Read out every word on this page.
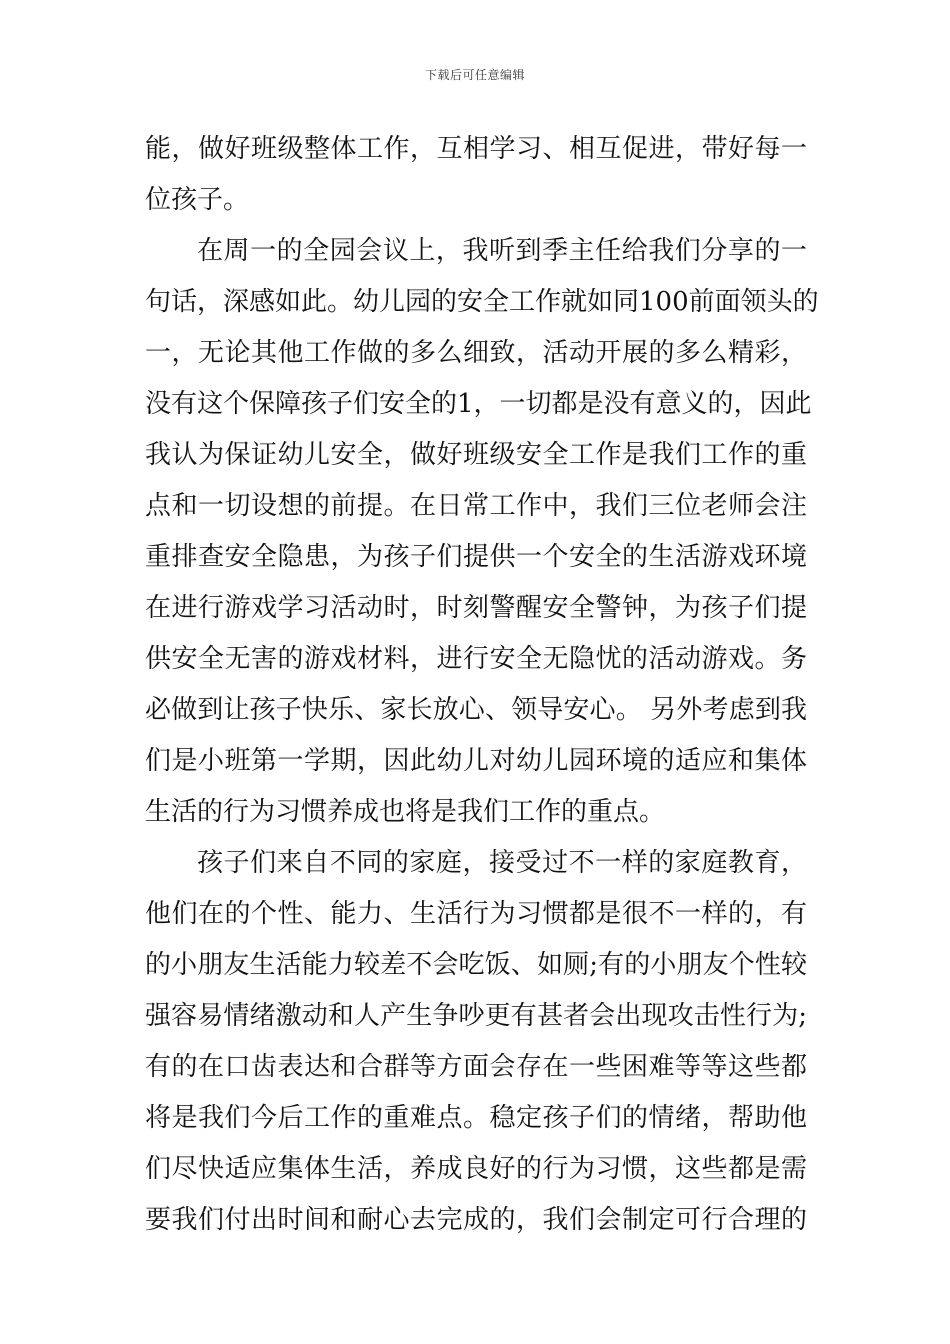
下载后可任意编辑
能，做好班级整体工作，互相学习、相互促进，带好每一
位孩子。
在周一的全园会议上，我听到季主任给我们分享的一
句话，深感如此。幼儿园的安全工作就如同100前面领头的
一，无论其他工作做的多么细致，活动开展的多么精彩，
没有这个保障孩子们安全的1，一切都是没有意义的，因此
我认为保证幼儿安全，做好班级安全工作是我们工作的重
点和一切设想的前提。在日常工作中，我们三位老师会注
重排查安全隐患，为孩子们提供一个安全的生活游戏环境
在进行游戏学习活动时，时刻警醒安全警钟，为孩子们提
供安全无害的游戏材料，进行安全无隐忧的活动游戏。务
必做到让孩子快乐、家长放心、领导安心。 另外考虑到我
们是小班第一学期，因此幼儿对幼儿园环境的适应和集体
生活的行为习惯养成也将是我们工作的重点。
孩子们来自不同的家庭，接受过不一样的家庭教育，
他们在的个性、能力、生活行为习惯都是很不一样的，有
的小朋友生活能力较差不会吃饭、如厕;有的小朋友个性较
强容易情绪激动和人产生争吵更有甚者会出现攻击性行为;
有的在口齿表达和合群等方面会存在一些困难等等这些都
将是我们今后工作的重难点。稳定孩子们的情绪，帮助他
们尽快适应集体生活，养成良好的行为习惯，这些都是需
要我们付出时间和耐心去完成的，我们会制定可行合理的
